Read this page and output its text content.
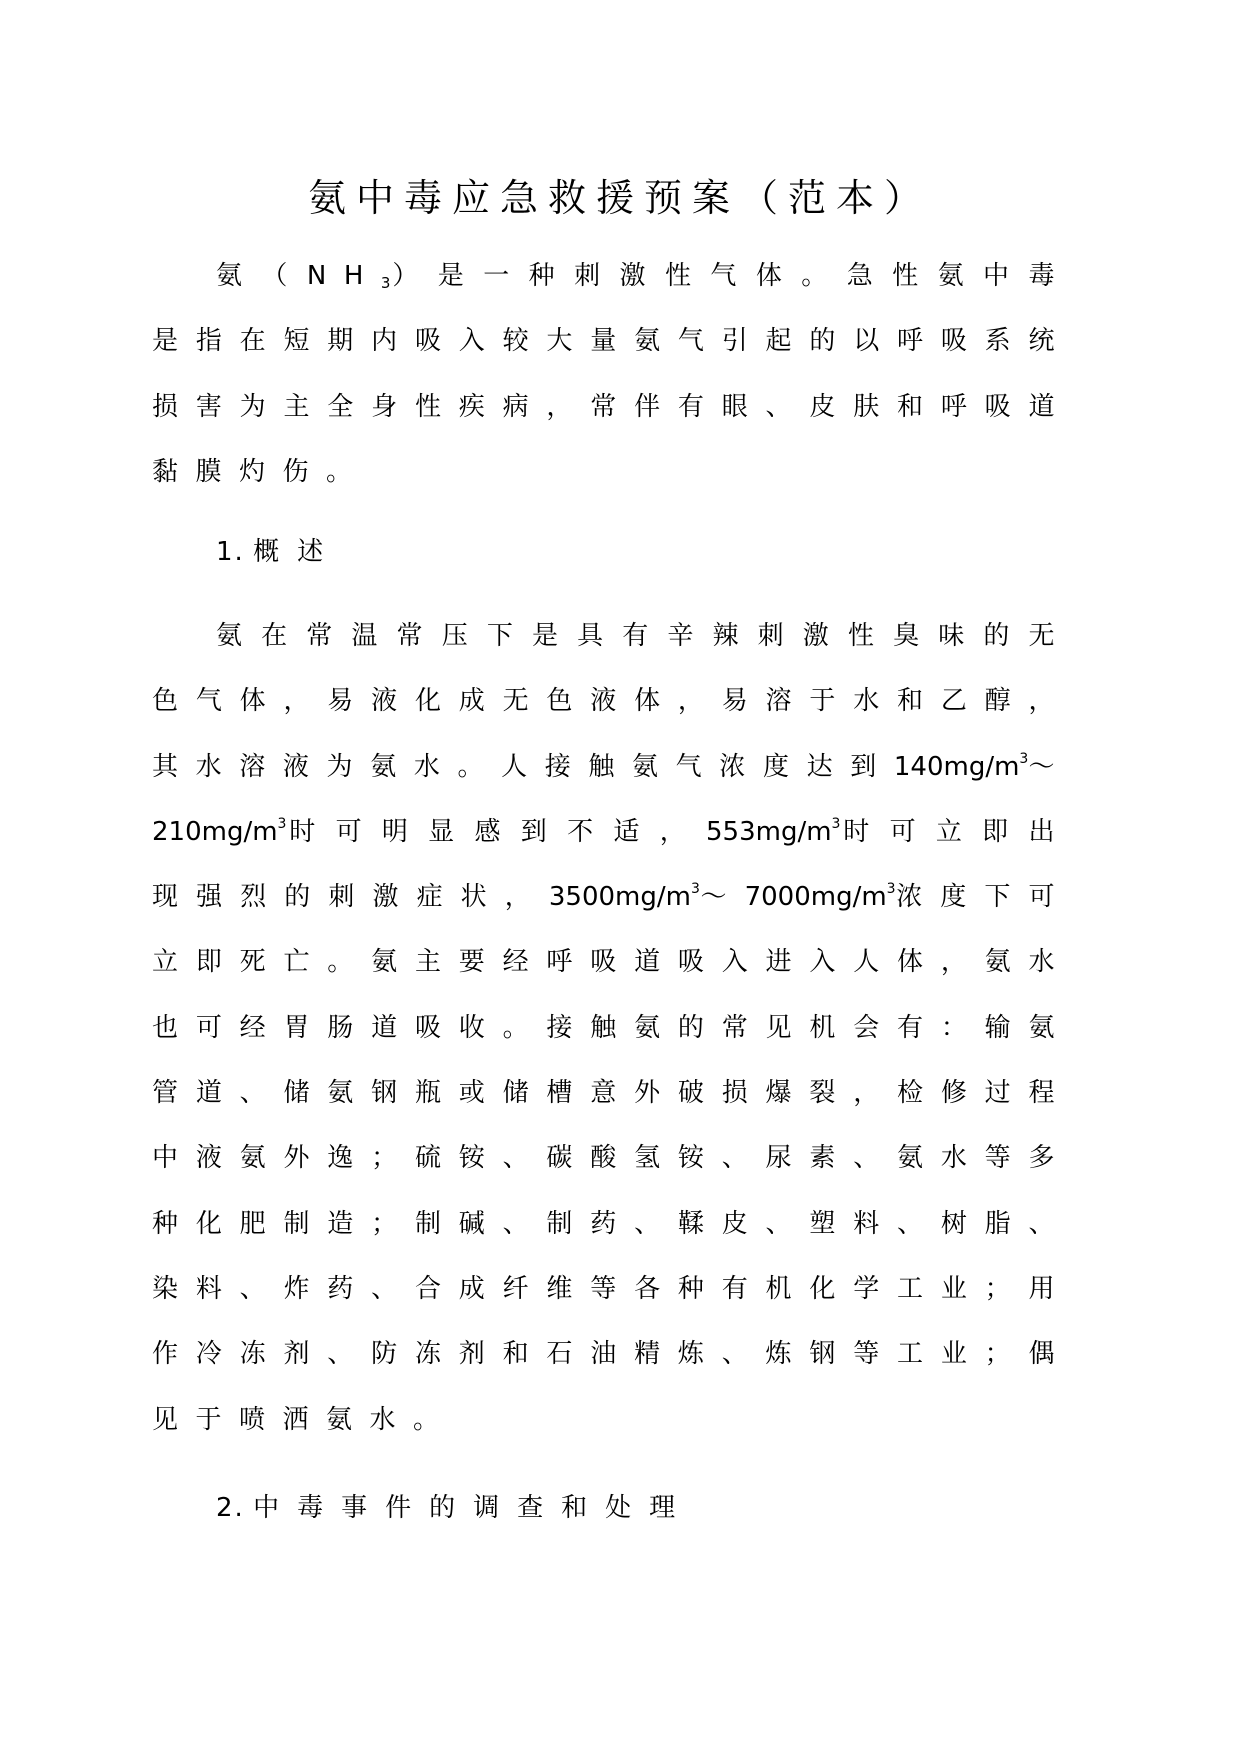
氨中毒应急救援预案（范本）
氨$(NH_3)$是一种刺激性气体。急性氨中毒是指在短期内吸入较大量氨气引起的以呼吸系统损害为主全身性疾病，常伴有眼、皮肤和呼吸道黏膜灼伤。
1. 概述
氨在常温常压下是具有辛辣刺激性臭味的无色气体，易液化成无色液体，易溶于水和乙醇，其水溶液为氨水。人接触氨气浓度达到$140mg/m^3\sim 210mg/m^3$时可明显感到不适，$553mg/m^3$时可立即出现强烈的刺激症状，$3500mg/m^3\sim 7000mg/m^3$浓度下可立即死亡。氨主要经呼吸道吸入进入人体，氨水也可经胃肠道吸收。接触氨的常见机会有：输氨管道、储氨钢瓶或储槽意外破损爆裂，检修过程中液氨外逸；硫铵、碳酸氢铵、尿素、氨水等多种化肥制造；制碱、制药、鞣皮、塑料、树脂、染料、炸药、合成纤维等各种有机化学工业；用作冷冻剂、防冻剂和石油精炼、炼钢等工业；偶见于喷洒氨水。
2. 中毒事件的调查和处理
